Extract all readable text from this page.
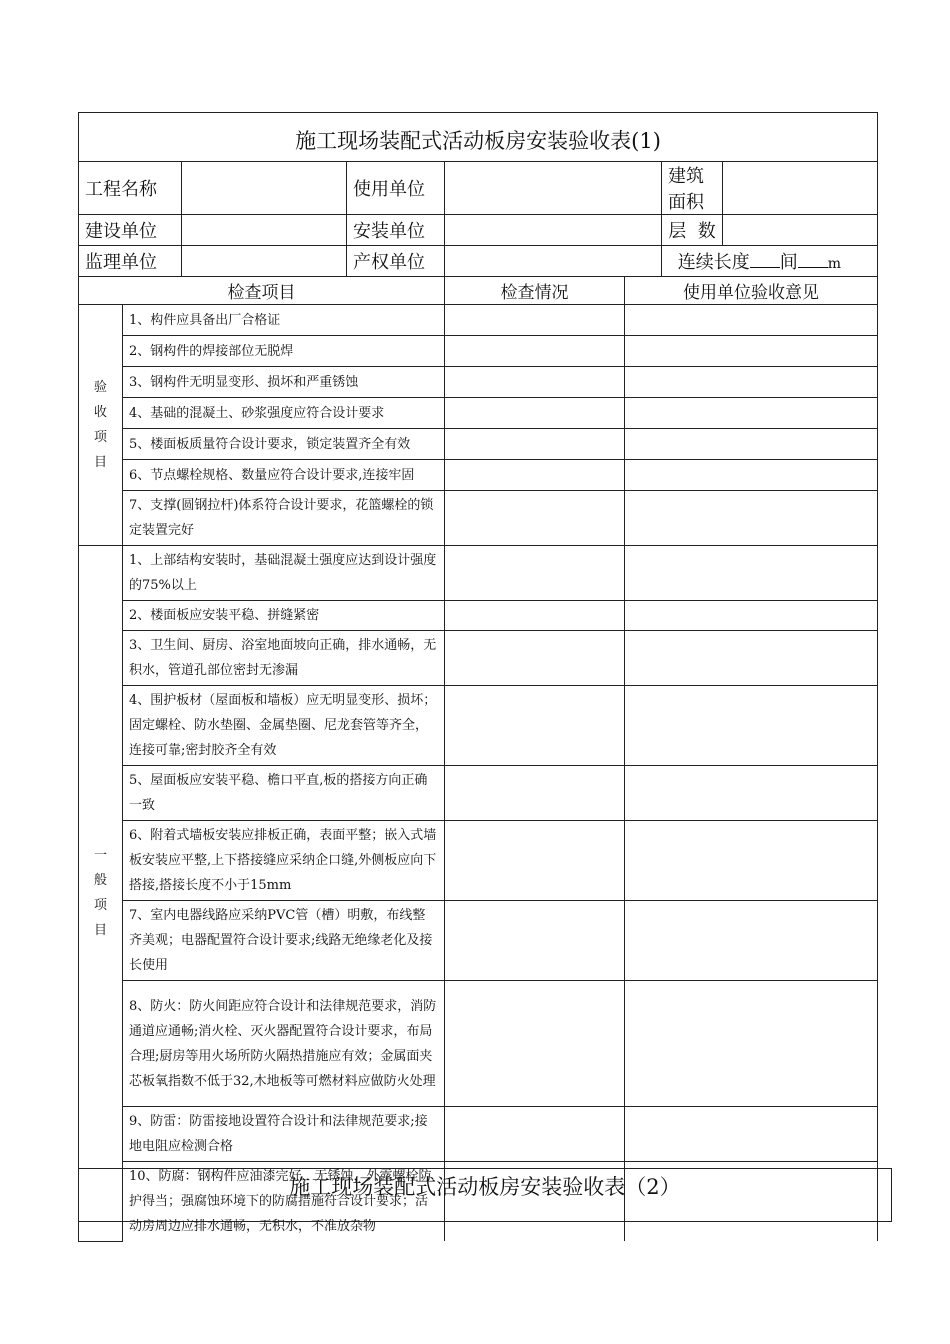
施工现场装配式活动板房安装验收表(1)							
工程名称			使用单位			建筑面积	
建设单位			安装单位			层  数	
监理单位			产权单位			连续长度 间 m	
检查项目				检查情况	使用单位验收意见		

验
收
项
目	1、构件应具备出厂合格证						
	2、钢构件的焊接部位无脱焊						
	3、钢构件无明显变形、损坏和严重锈蚀						
	4、基础的混凝土、砂浆强度应符合设计要求						
	5、楼面板质量符合设计要求，锁定装置齐全有效						
	6、节点螺栓规格、数量应符合设计要求,连接牢固						
	7、支撑(圆钢拉杆)体系符合设计要求，花篮螺栓的锁定装置完好						

一
般
项
目	1、上部结构安装时，基础混凝土强度应达到设计强度的75%以上						
	2、楼面板应安装平稳、拼缝紧密						
	3、卫生间、厨房、浴室地面坡向正确，排水通畅，无积水，管道孔部位密封无渗漏						
	4、围护板材（屋面板和墙板）应无明显变形、损坏；固定螺栓、防水垫圈、金属垫圈、尼龙套管等齐全，连接可靠;密封胶齐全有效						
	5、屋面板应安装平稳、檐口平直,板的搭接方向正确一致						
	6、附着式墙板安装应排板正确，表面平整；嵌入式墙板安装应平整,上下搭接缝应采纳企口缝,外侧板应向下搭接,搭接长度不小于15mm						
	7、室内电器线路应采纳PVC管（槽）明敷，布线整齐美观；电器配置符合设计要求;线路无绝缘老化及接长使用						
	8、防火：防火间距应符合设计和法律规范要求，消防通道应通畅;消火栓、灭火器配置符合设计要求，布局合理;厨房等用火场所防火隔热措施应有效；金属面夹芯板氧指数不低于32,木地板等可燃材料应做防火处理						
	9、防雷：防雷接地设置符合设计和法律规范要求;接地电阻应检测合格						
	10、防腐：钢构件应油漆完好、无锈蚀，外露螺栓防护得当；强腐蚀环境下的防腐措施符合设计要求；活动房周边应排水通畅，无积水，不准放杂物						
施工现场装配式活动板房安装验收表（2）
